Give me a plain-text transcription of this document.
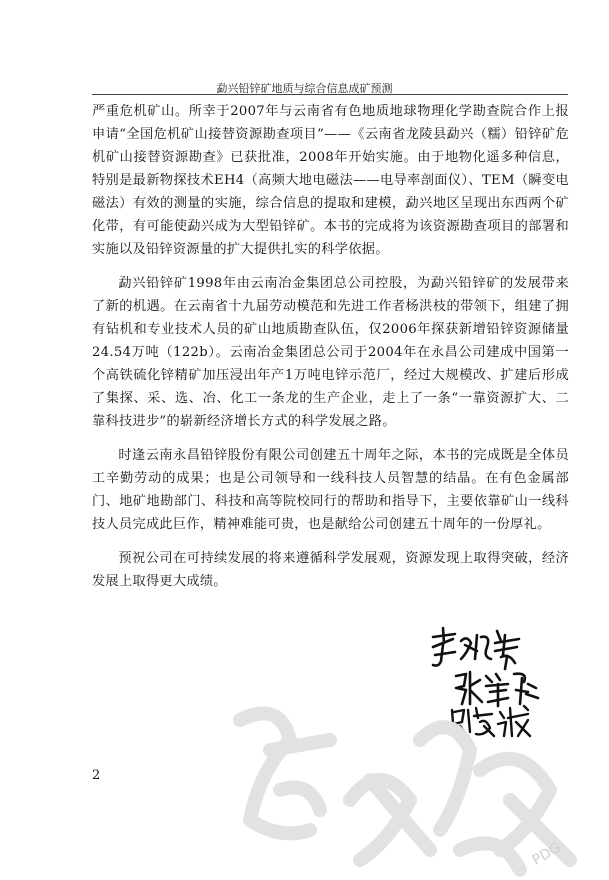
勐兴铅锌矿地质与综合信息成矿预测

严重危机矿山。所幸于2007年与云南省有色地质地球物理化学勘查院合作上报申请“全国危机矿山接替资源勘查项目”——《云南省龙陵县勐兴（糯）铅锌矿危机矿山接替资源勘查》已获批准，2008年开始实施。由于地物化遥多种信息，特别是最新物探技术EH4（高频大地电磁法——电导率剖面仪）、TEM（瞬变电磁法）有效的测量的实施，综合信息的提取和建模，勐兴地区呈现出东西两个矿化带，有可能使勐兴成为大型铅锌矿。本书的完成将为该资源勘查项目的部署和实施以及铅锌资源量的扩大提供扎实的科学依据。

勐兴铅锌矿1998年由云南冶金集团总公司控股，为勐兴铅锌矿的发展带来了新的机遇。在云南省十九届劳动模范和先进工作者杨洪枝的带领下，组建了拥有钻机和专业技术人员的矿山地质勘查队伍，仅2006年探获新增铅锌资源储量24.54万吨（122b）。云南冶金集团总公司于2004年在永昌公司建成中国第一个高铁硫化锌精矿加压浸出年产1万吨电锌示范厂，经过大规模改、扩建后形成了集探、采、选、冶、化工一条龙的生产企业，走上了一条“一靠资源扩大、二靠科技进步”的崭新经济增长方式的科学发展之路。

时逢云南永昌铅锌股份有限公司创建五十周年之际，本书的完成既是全体员工辛勤劳动的成果；也是公司领导和一线科技人员智慧的结晶。在有色金属部门、地矿地勘部门、科技和高等院校同行的帮助和指导下，主要依靠矿山一线科技人员完成此巨作，精神难能可贵，也是献给公司创建五十周年的一份厚礼。

预祝公司在可持续发展的将来遵循科学发展观，资源发现上取得突破，经济发展上取得更大成绩。

PDG
2
